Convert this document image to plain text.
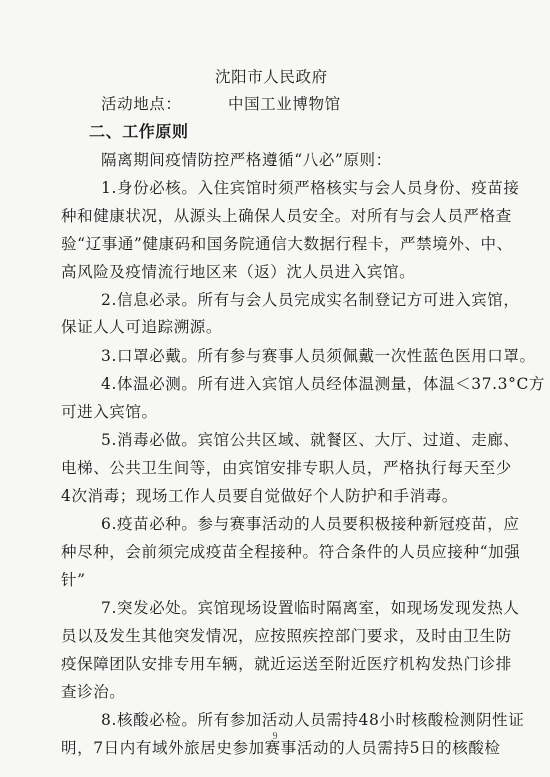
沈阳市人民政府
活动地点：	中国工业博物馆
二、工作原则
隔离期间疫情防控严格遵循“八必”原则：
1.身份必核。入住宾馆时须严格核实与会人员身份、疫苗接
种和健康状况，从源头上确保人员安全。对所有与会人员严格查
验“辽事通”健康码和国务院通信大数据行程卡，严禁境外、中、
高风险及疫情流行地区来（返）沈人员进入宾馆。
2.信息必录。所有与会人员完成实名制登记方可进入宾馆，
保证人人可追踪溯源。
3.口罩必戴。所有参与赛事人员须佩戴一次性蓝色医用口罩。
4.体温必测。所有进入宾馆人员经体温测量，体温＜37.3°C方
可进入宾馆。
5.消毒必做。宾馆公共区域、就餐区、大厅、过道、走廊、
电梯、公共卫生间等，由宾馆安排专职人员，严格执行每天至少
4次消毒；现场工作人员要自觉做好个人防护和手消毒。
6.疫苗必种。参与赛事活动的人员要积极接种新冠疫苗，应
种尽种，会前须完成疫苗全程接种。符合条件的人员应接种“加强
针”
7.突发必处。宾馆现场设置临时隔离室，如现场发现发热人
员以及发生其他突发情况，应按照疾控部门要求，及时由卫生防
疫保障团队安排专用车辆，就近运送至附近医疗机构发热门诊排
查诊治。
8.核酸必检。所有参加活动人员需持48小时核酸检测阴性证
明，7日内有域外旅居史参加赛事活动的人员需持5日的核酸检
9
